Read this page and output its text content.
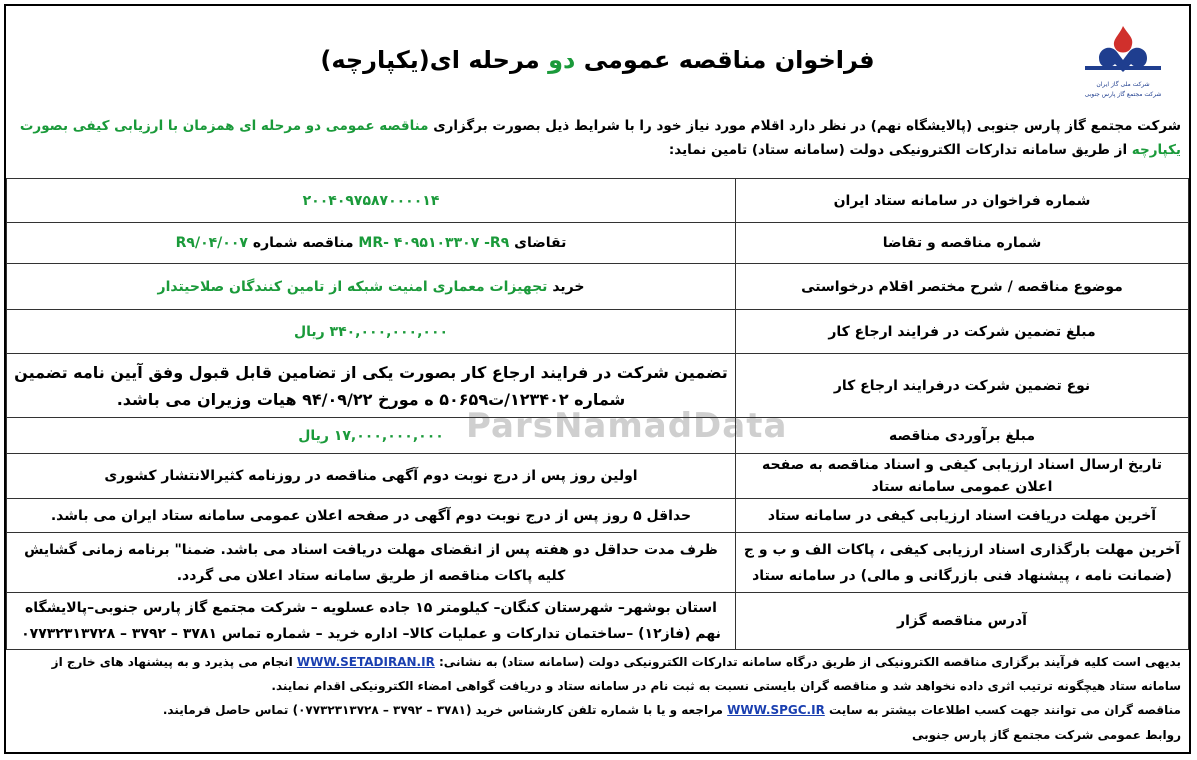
شرکت ملی گاز ایران
شرکت مجتمع گاز پارس جنوبی
فراخوان مناقصه عمومی دو مرحله ای(یکپارچه)
شرکت مجتمع گاز پارس جنوبی (پالایشگاه نهم) در نظر دارد اقلام مورد نیاز خود را با شرایط ذیل بصورت برگزاری مناقصه عمومی دو مرحله ای همزمان با ارزیابی کیفی بصورت یکپارچه از طریق سامانه تدارکات الکترونیکی دولت (سامانه ستاد) تامین نماید:
ParsNamadData
شماره فراخوان در سامانه ستاد ایران	۲۰۰۴۰۹۷۵۸۷۰۰۰۰۱۴
شماره مناقصه و تقاضا	تقاضای MR- ۴۰۹۵۱۰۳۳۰۷ -R۹ مناقصه شماره R۹/۰۴/۰۰۷
موضوع مناقصه / شرح مختصر اقلام درخواستی	خرید تجهیزات معماری امنیت شبکه از تامین کنندگان صلاحیتدار
مبلغ تضمین شرکت در فرایند ارجاع کار	۳۴۰,۰۰۰,۰۰۰,۰۰۰ ریال
نوع تضمین شرکت درفرایند ارجاع کار	تضمین شرکت در فرایند ارجاع کار بصورت یکی از تضامین قابل قبول وفق آیین نامه تضمین شماره ۱۲۳۴۰۲/ت۵۰۶۵۹ ه مورخ ۹۴/۰۹/۲۲ هیات وزیران می باشد.
مبلغ برآوردی مناقصه	۱۷,۰۰۰,۰۰۰,۰۰۰ ریال
تاریخ ارسال اسناد ارزیابی کیفی و اسناد مناقصه به صفحه اعلان عمومی سامانه ستاد	اولین روز پس از درج نوبت دوم آگهی مناقصه در روزنامه کثیرالانتشار کشوری
آخرین مهلت دریافت اسناد ارزیابی کیفی در سامانه ستاد	حداقل ۵ روز پس از درج نوبت دوم آگهی در صفحه اعلان عمومی سامانه ستاد ایران می باشد.
آخرین مهلت بارگذاری اسناد ارزیابی کیفی ، پاکات الف و ب و ج (ضمانت نامه ، پیشنهاد فنی بازرگانی و مالی) در سامانه ستاد	ظرف مدت حداقل دو هفته پس از انقضای مهلت دریافت اسناد می باشد. ضمنا" برنامه زمانی گشایش کلیه پاکات مناقصه از طریق سامانه ستاد اعلان می گردد.
آدرس مناقصه گزار	استان بوشهر– شهرستان کنگان– کیلومتر ۱۵ جاده عسلویه – شرکت مجتمع گاز پارس جنوبی–پالایشگاه نهم (فاز۱۲) –ساختمان تدارکات و عملیات کالا– اداره خرید – شماره تماس ۳۷۸۱ – ۳۷۹۲ – ۰۷۷۳۲۳۱۳۷۲۸
بدیهی است کلیه فرآیند برگزاری مناقصه الکترونیکی از طریق درگاه سامانه تدارکات الکترونیکی دولت (سامانه ستاد) به نشانی: WWW.SETADIRAN.IR انجام می پذیرد و به پیشنهاد های خارج از سامانه ستاد هیچگونه ترتیب اثری داده نخواهد شد و مناقصه گران بایستی نسبت به ثبت نام در سامانه ستاد و دریافت گواهی امضاء الکترونیکی اقدام نمایند.
مناقصه گران می توانند جهت کسب اطلاعات بیشتر به سایت WWW.SPGC.IR مراجعه و یا با شماره تلفن کارشناس خرید (۳۷۸۱ – ۳۷۹۲ – ۰۷۷۳۲۳۱۳۷۲۸) تماس حاصل فرمایند.
روابط عمومی شرکت مجتمع گاز پارس جنوبی
